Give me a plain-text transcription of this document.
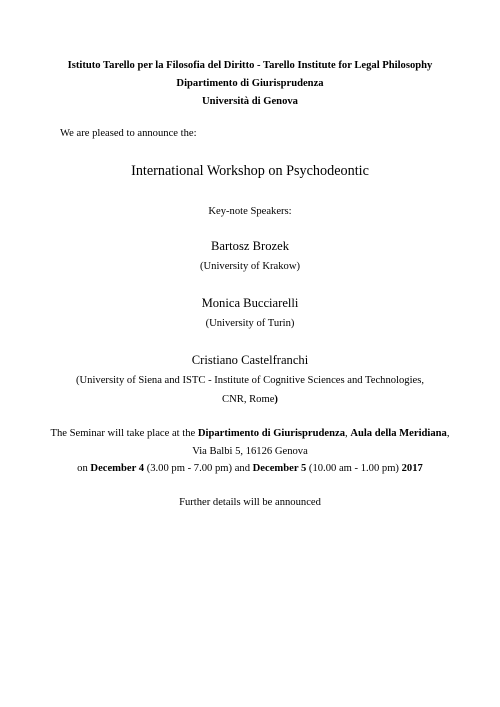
Istituto Tarello per la Filosofia del Diritto - Tarello Institute for Legal Philosophy
Dipartimento di Giurisprudenza
Università di Genova
We are pleased to announce the:
International Workshop on Psychodeontic
Key-note Speakers:
Bartosz Brozek
(University of Krakow)
Monica Bucciarelli
(University of Turin)
Cristiano Castelfranchi
(University of Siena and ISTC - Institute of Cognitive Sciences and Technologies,
CNR, Rome)
The Seminar will take place at the Dipartimento di Giurisprudenza, Aula della Meridiana,
Via Balbi 5, 16126 Genova
on December 4 (3.00 pm - 7.00 pm) and December 5 (10.00 am - 1.00 pm) 2017
Further details will be announced
